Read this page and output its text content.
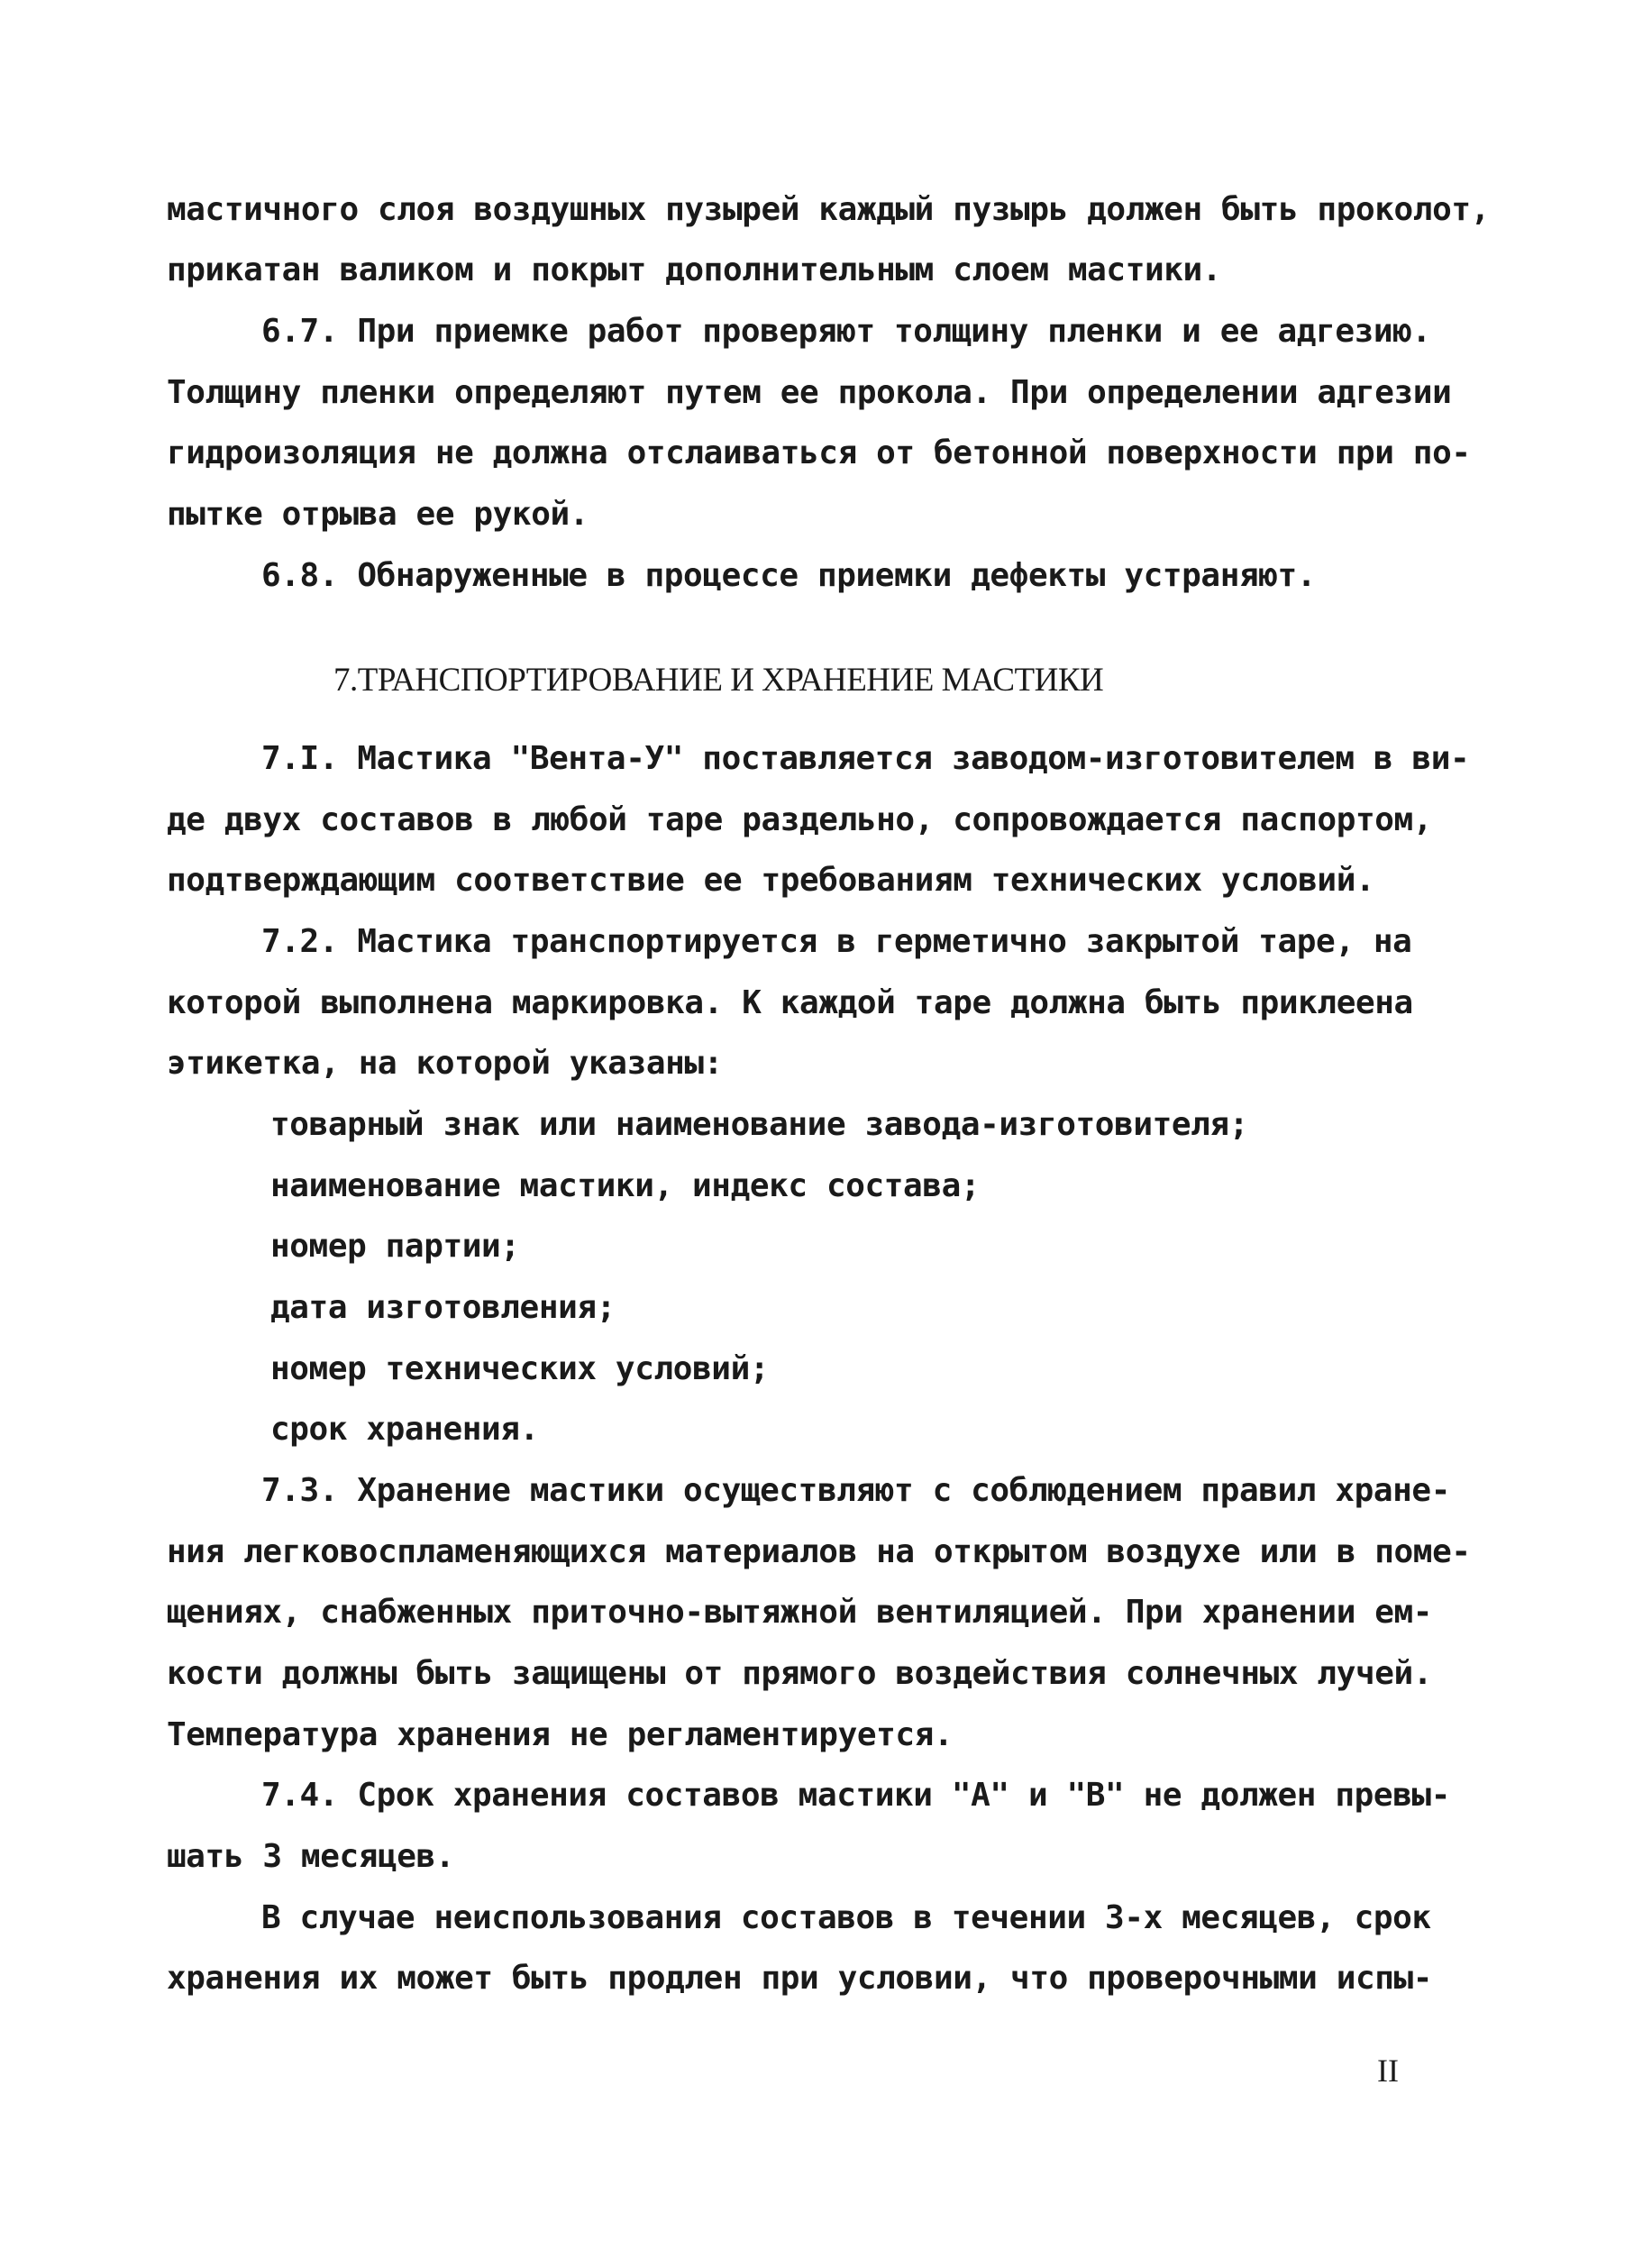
мастичного слоя воздушных пузырей каждый пузырь должен быть проколот,
прикатан валиком и покрыт дополнительным слоем мастики.
6.7. При приемке работ проверяют толщину пленки и ее адгезию.
Толщину пленки определяют путем ее прокола. При определении адгезии
гидроизоляция не должна отслаиваться от бетонной поверхности при по-
пытке отрыва ее рукой.
6.8. Обнаруженные в процессе приемки дефекты устраняют.
7.ТРАНСПОРТИРОВАНИЕ И ХРАНЕНИЕ МАСТИКИ
7.I. Мастика "Вента-У" поставляется заводом-изготовителем в ви-
де двух составов в любой таре раздельно, сопровождается паспортом,
подтверждающим соответствие ее требованиям технических условий.
7.2. Мастика транспортируется в герметично закрытой таре, на
которой выполнена маркировка. К каждой таре должна быть приклеена
этикетка, на которой указаны:
товарный знак или наименование завода-изготовителя;
наименование мастики, индекс состава;
номер партии;
дата изготовления;
номер технических условий;
срок хранения.
7.3. Хранение мастики осуществляют с соблюдением правил хране-
ния легковоспламеняющихся материалов на открытом воздухе или в поме-
щениях, снабженных приточно-вытяжной вентиляцией. При хранении ем-
кости должны быть защищены от прямого воздействия солнечных лучей.
Температура хранения не регламентируется.
7.4. Срок хранения составов мастики "А" и "В" не должен превы-
шать 3 месяцев.
В случае неиспользования составов в течении 3-х месяцев, срок
хранения их может быть продлен при условии, что проверочными испы-
II
